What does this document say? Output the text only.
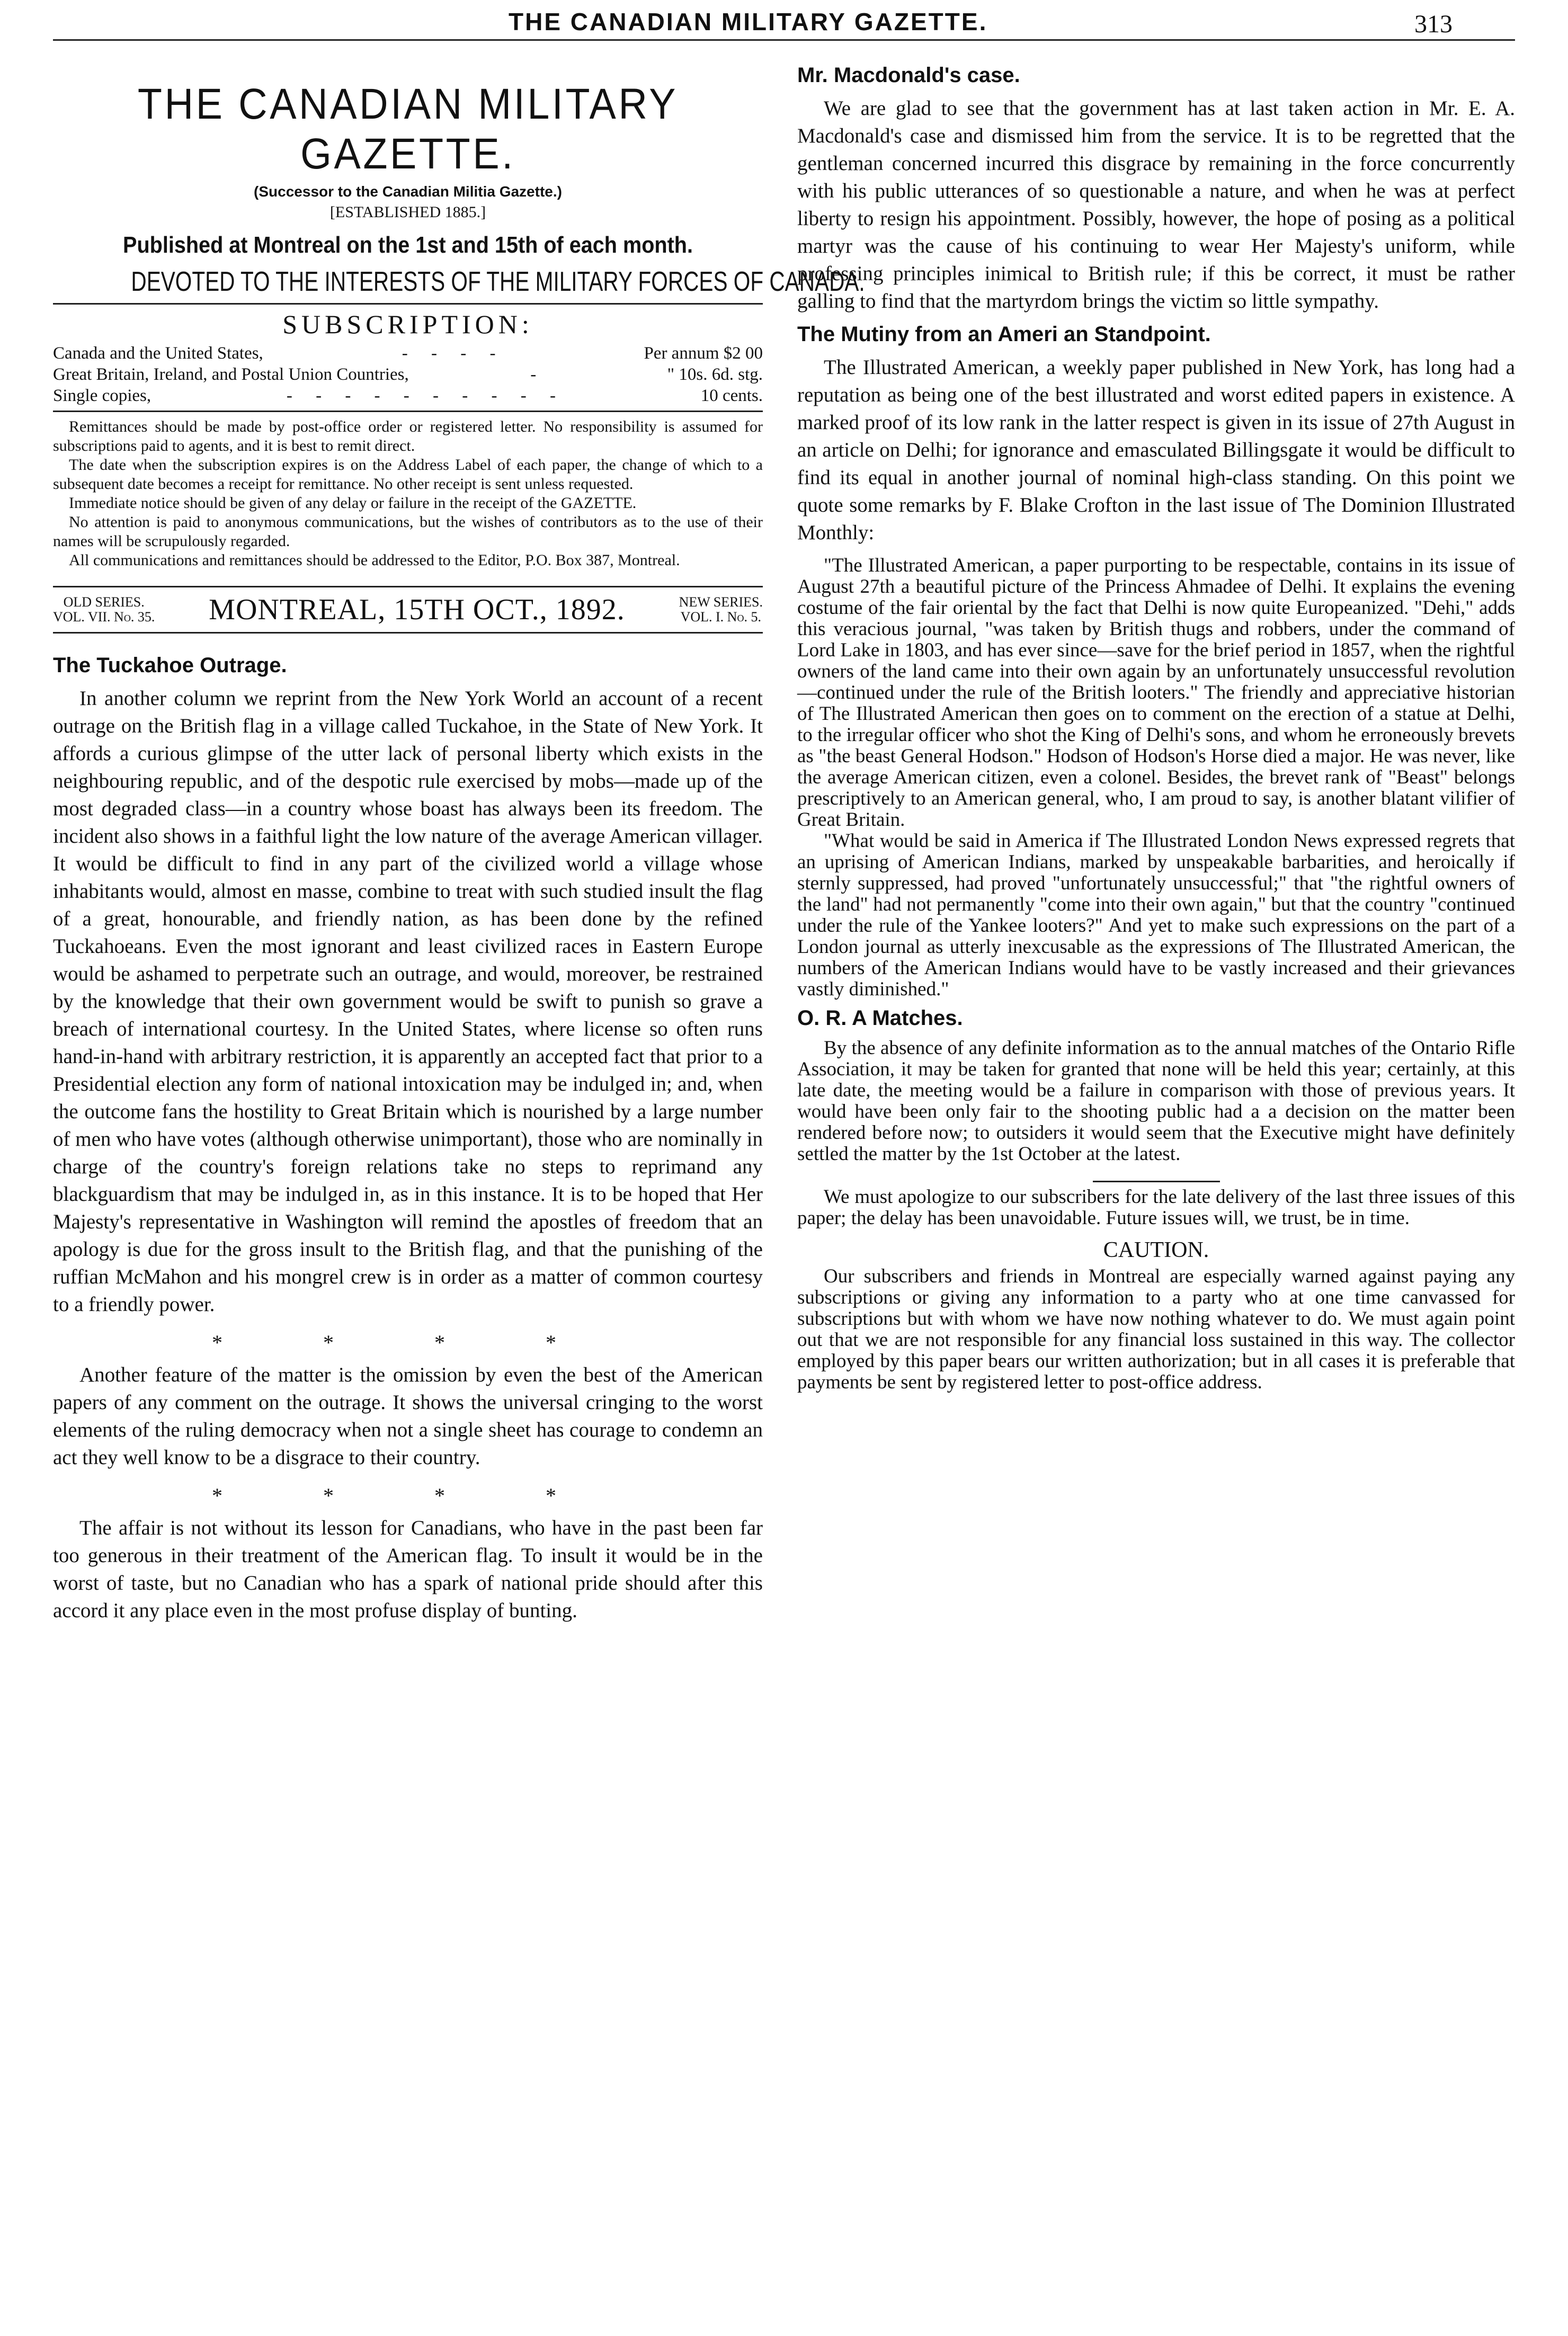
THE CANADIAN MILITARY GAZETTE.	313
THE CANADIAN MILITARY GAZETTE.
(Successor to the Canadian Militia Gazette.)
[ESTABLISHED 1885.]
Published at Montreal on the 1st and 15th of each month.
DEVOTED TO THE INTERESTS OF THE MILITARY FORCES OF CANADA.
SUBSCRIPTION:
Canada and the United States,	- - - -	Per annum $2 00
Great Britain, Ireland, and Postal Union Countries,	-	" 10s. 6d. stg.
Single copies,	- - - - - - - - - -	10 cents.

Remittances should be made by post-office order or registered letter. No responsibility is assumed for subscriptions paid to agents, and it is best to remit direct.

The date when the subscription expires is on the Address Label of each paper, the change of which to a subsequent date becomes a receipt for remittance. No other receipt is sent unless requested.

Immediate notice should be given of any delay or failure in the receipt of the GAZETTE.

No attention is paid to anonymous communications, but the wishes of contributors as to the use of their names will be scrupulously regarded.

All communications and remittances should be addressed to the Editor, P.O. Box 387, Montreal.

OLD SERIES.
VOL. VII. No. 35. MONTREAL, 15TH OCT., 1892.	NEW SERIES.
VOL. I. No. 5.
The Tuckahoe Outrage.

In another column we reprint from the New York World an account of a recent outrage on the British flag in a village called Tuckahoe, in the State of New York. It affords a curious glimpse of the utter lack of personal liberty which exists in the neighbouring republic, and of the despotic rule exercised by mobs—made up of the most degraded class—in a country whose boast has always been its freedom. The incident also shows in a faithful light the low nature of the average American villager. It would be difficult to find in any part of the civilized world a village whose inhabitants would, almost en masse, combine to treat with such studied insult the flag of a great, honourable, and friendly nation, as has been done by the refined Tuckahoeans. Even the most ignorant and least civilized races in Eastern Europe would be ashamed to perpetrate such an outrage, and would, moreover, be restrained by the knowledge that their own government would be swift to punish so grave a breach of international courtesy. In the United States, where license so often runs hand-in-hand with arbitrary restriction, it is apparently an accepted fact that prior to a Presidential election any form of national intoxication may be indulged in; and, when the outcome fans the hostility to Great Britain which is nourished by a large number of men who have votes (although otherwise unimportant), those who are nominally in charge of the country's foreign relations take no steps to reprimand any blackguardism that may be indulged in, as in this instance. It is to be hoped that Her Majesty's representative in Washington will remind the apostles of freedom that an apology is due for the gross insult to the British flag, and that the punishing of the ruffian McMahon and his mongrel crew is in order as a matter of common courtesy to a friendly power.

* * * *

Another feature of the matter is the omission by even the best of the American papers of any comment on the outrage. It shows the universal cringing to the worst elements of the ruling democracy when not a single sheet has courage to condemn an act they well know to be a disgrace to their country.

* * * *

The affair is not without its lesson for Canadians, who have in the past been far too generous in their treatment of the American flag. To insult it would be in the worst of taste, but no Canadian who has a spark of national pride should after this accord it any place even in the most profuse display of bunting.

Mr. Macdonald's case.

We are glad to see that the government has at last taken action in Mr. E. A. Macdonald's case and dismissed him from the service. It is to be regretted that the gentleman concerned incurred this disgrace by remaining in the force concurrently with his public utterances of so questionable a nature, and when he was at perfect liberty to resign his appointment. Possibly, however, the hope of posing as a political martyr was the cause of his continuing to wear Her Majesty's uniform, while professing principles inimical to British rule; if this be correct, it must be rather galling to find that the martyrdom brings the victim so little sympathy.

The Mutiny from an Ameri an Standpoint.

The Illustrated American, a weekly paper published in New York, has long had a reputation as being one of the best illustrated and worst edited papers in existence. A marked proof of its low rank in the latter respect is given in its issue of 27th August in an article on Delhi; for ignorance and emasculated Billingsgate it would be difficult to find its equal in another journal of nominal high-class standing. On this point we quote some remarks by F. Blake Crofton in the last issue of The Dominion Illustrated Monthly:

"The Illustrated American, a paper purporting to be respectable, contains in its issue of August 27th a beautiful picture of the Princess Ahmadee of Delhi. It explains the evening costume of the fair oriental by the fact that Delhi is now quite Europeanized. "Dehi," adds this veracious journal, "was taken by British thugs and robbers, under the command of Lord Lake in 1803, and has ever since—save for the brief period in 1857, when the rightful owners of the land came into their own again by an unfortunately unsuccessful revolution—continued under the rule of the British looters." The friendly and appreciative historian of The Illustrated American then goes on to comment on the erection of a statue at Delhi, to the irregular officer who shot the King of Delhi's sons, and whom he erroneously brevets as "the beast General Hodson." Hodson of Hodson's Horse died a major. He was never, like the average American citizen, even a colonel. Besides, the brevet rank of "Beast" belongs prescriptively to an American general, who, I am proud to say, is another blatant vilifier of Great Britain.

"What would be said in America if The Illustrated London News expressed regrets that an uprising of American Indians, marked by unspeakable barbarities, and heroically if sternly suppressed, had proved "unfortunately unsuccessful;" that "the rightful owners of the land" had not permanently "come into their own again," but that the country "continued under the rule of the Yankee looters?" And yet to make such expressions on the part of a London journal as utterly inexcusable as the expressions of The Illustrated American, the numbers of the American Indians would have to be vastly increased and their grievances vastly diminished."

O. R. A Matches.

By the absence of any definite information as to the annual matches of the Ontario Rifle Association, it may be taken for granted that none will be held this year; certainly, at this late date, the meeting would be a failure in comparison with those of previous years. It would have been only fair to the shooting public had a a decision on the matter been rendered before now; to outsiders it would seem that the Executive might have definitely settled the matter by the 1st October at the latest.

We must apologize to our subscribers for the late delivery of the last three issues of this paper; the delay has been unavoidable. Future issues will, we trust, be in time.

CAUTION.

Our subscribers and friends in Montreal are especially warned against paying any subscriptions or giving any information to a party who at one time canvassed for subscriptions but with whom we have now nothing whatever to do. We must again point out that we are not responsible for any financial loss sustained in this way. The collector employed by this paper bears our written authorization; but in all cases it is preferable that payments be sent by registered letter to post-office address.
